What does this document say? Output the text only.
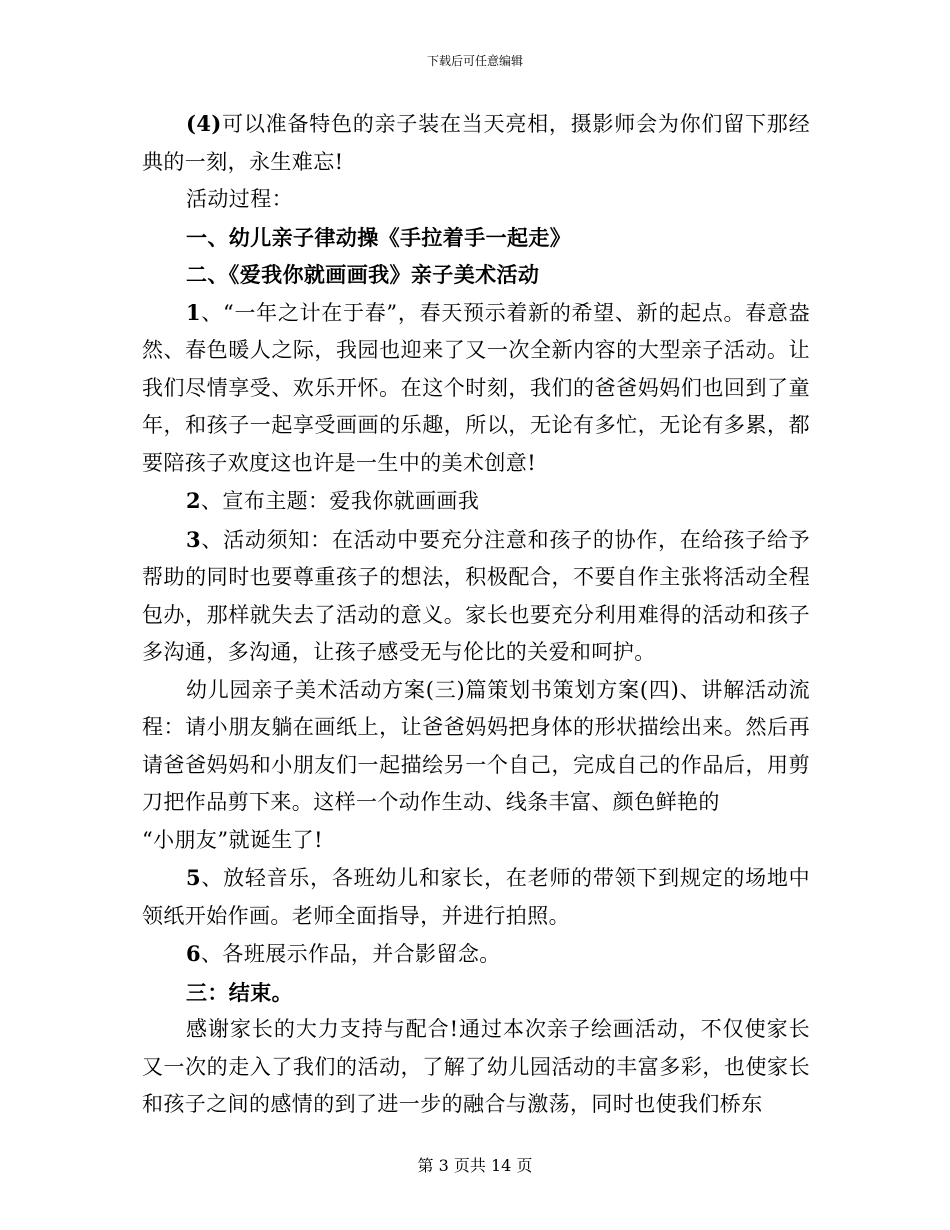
下载后可任意编辑

(4)可以准备特色的亲子装在当天亮相，摄影师会为你们留下那经典的一刻，永生难忘!

活动过程：

一、幼儿亲子律动操《手拉着手一起走》

二、《爱我你就画画我》亲子美术活动

1、“一年之计在于春”，春天预示着新的希望、新的起点。春意盎然、春色暖人之际，我园也迎来了又一次全新内容的大型亲子活动。让我们尽情享受、欢乐开怀。在这个时刻，我们的爸爸妈妈们也回到了童年，和孩子一起享受画画的乐趣，所以，无论有多忙，无论有多累，都要陪孩子欢度这也许是一生中的美术创意!

2、宣布主题：爱我你就画画我

3、活动须知：在活动中要充分注意和孩子的协作，在给孩子给予帮助的同时也要尊重孩子的想法，积极配合，不要自作主张将活动全程包办，那样就失去了活动的意义。家长也要充分利用难得的活动和孩子多沟通，多沟通，让孩子感受无与伦比的关爱和呵护。

幼儿园亲子美术活动方案(三)篇策划书策划方案(四)、讲解活动流程：请小朋友躺在画纸上，让爸爸妈妈把身体的形状描绘出来。然后再请爸爸妈妈和小朋友们一起描绘另一个自己，完成自己的作品后，用剪刀把作品剪下来。这样一个动作生动、线条丰富、颜色鲜艳的

“小朋友”就诞生了!

5、放轻音乐，各班幼儿和家长，在老师的带领下到规定的场地中领纸开始作画。老师全面指导，并进行拍照。

6、各班展示作品，并合影留念。

三：结束。

感谢家长的大力支持与配合!通过本次亲子绘画活动，不仅使家长又一次的走入了我们的活动，了解了幼儿园活动的丰富多彩，也使家长和孩子之间的感情的到了进一步的融合与激荡，同时也使我们桥东

第 3 页共 14 页
